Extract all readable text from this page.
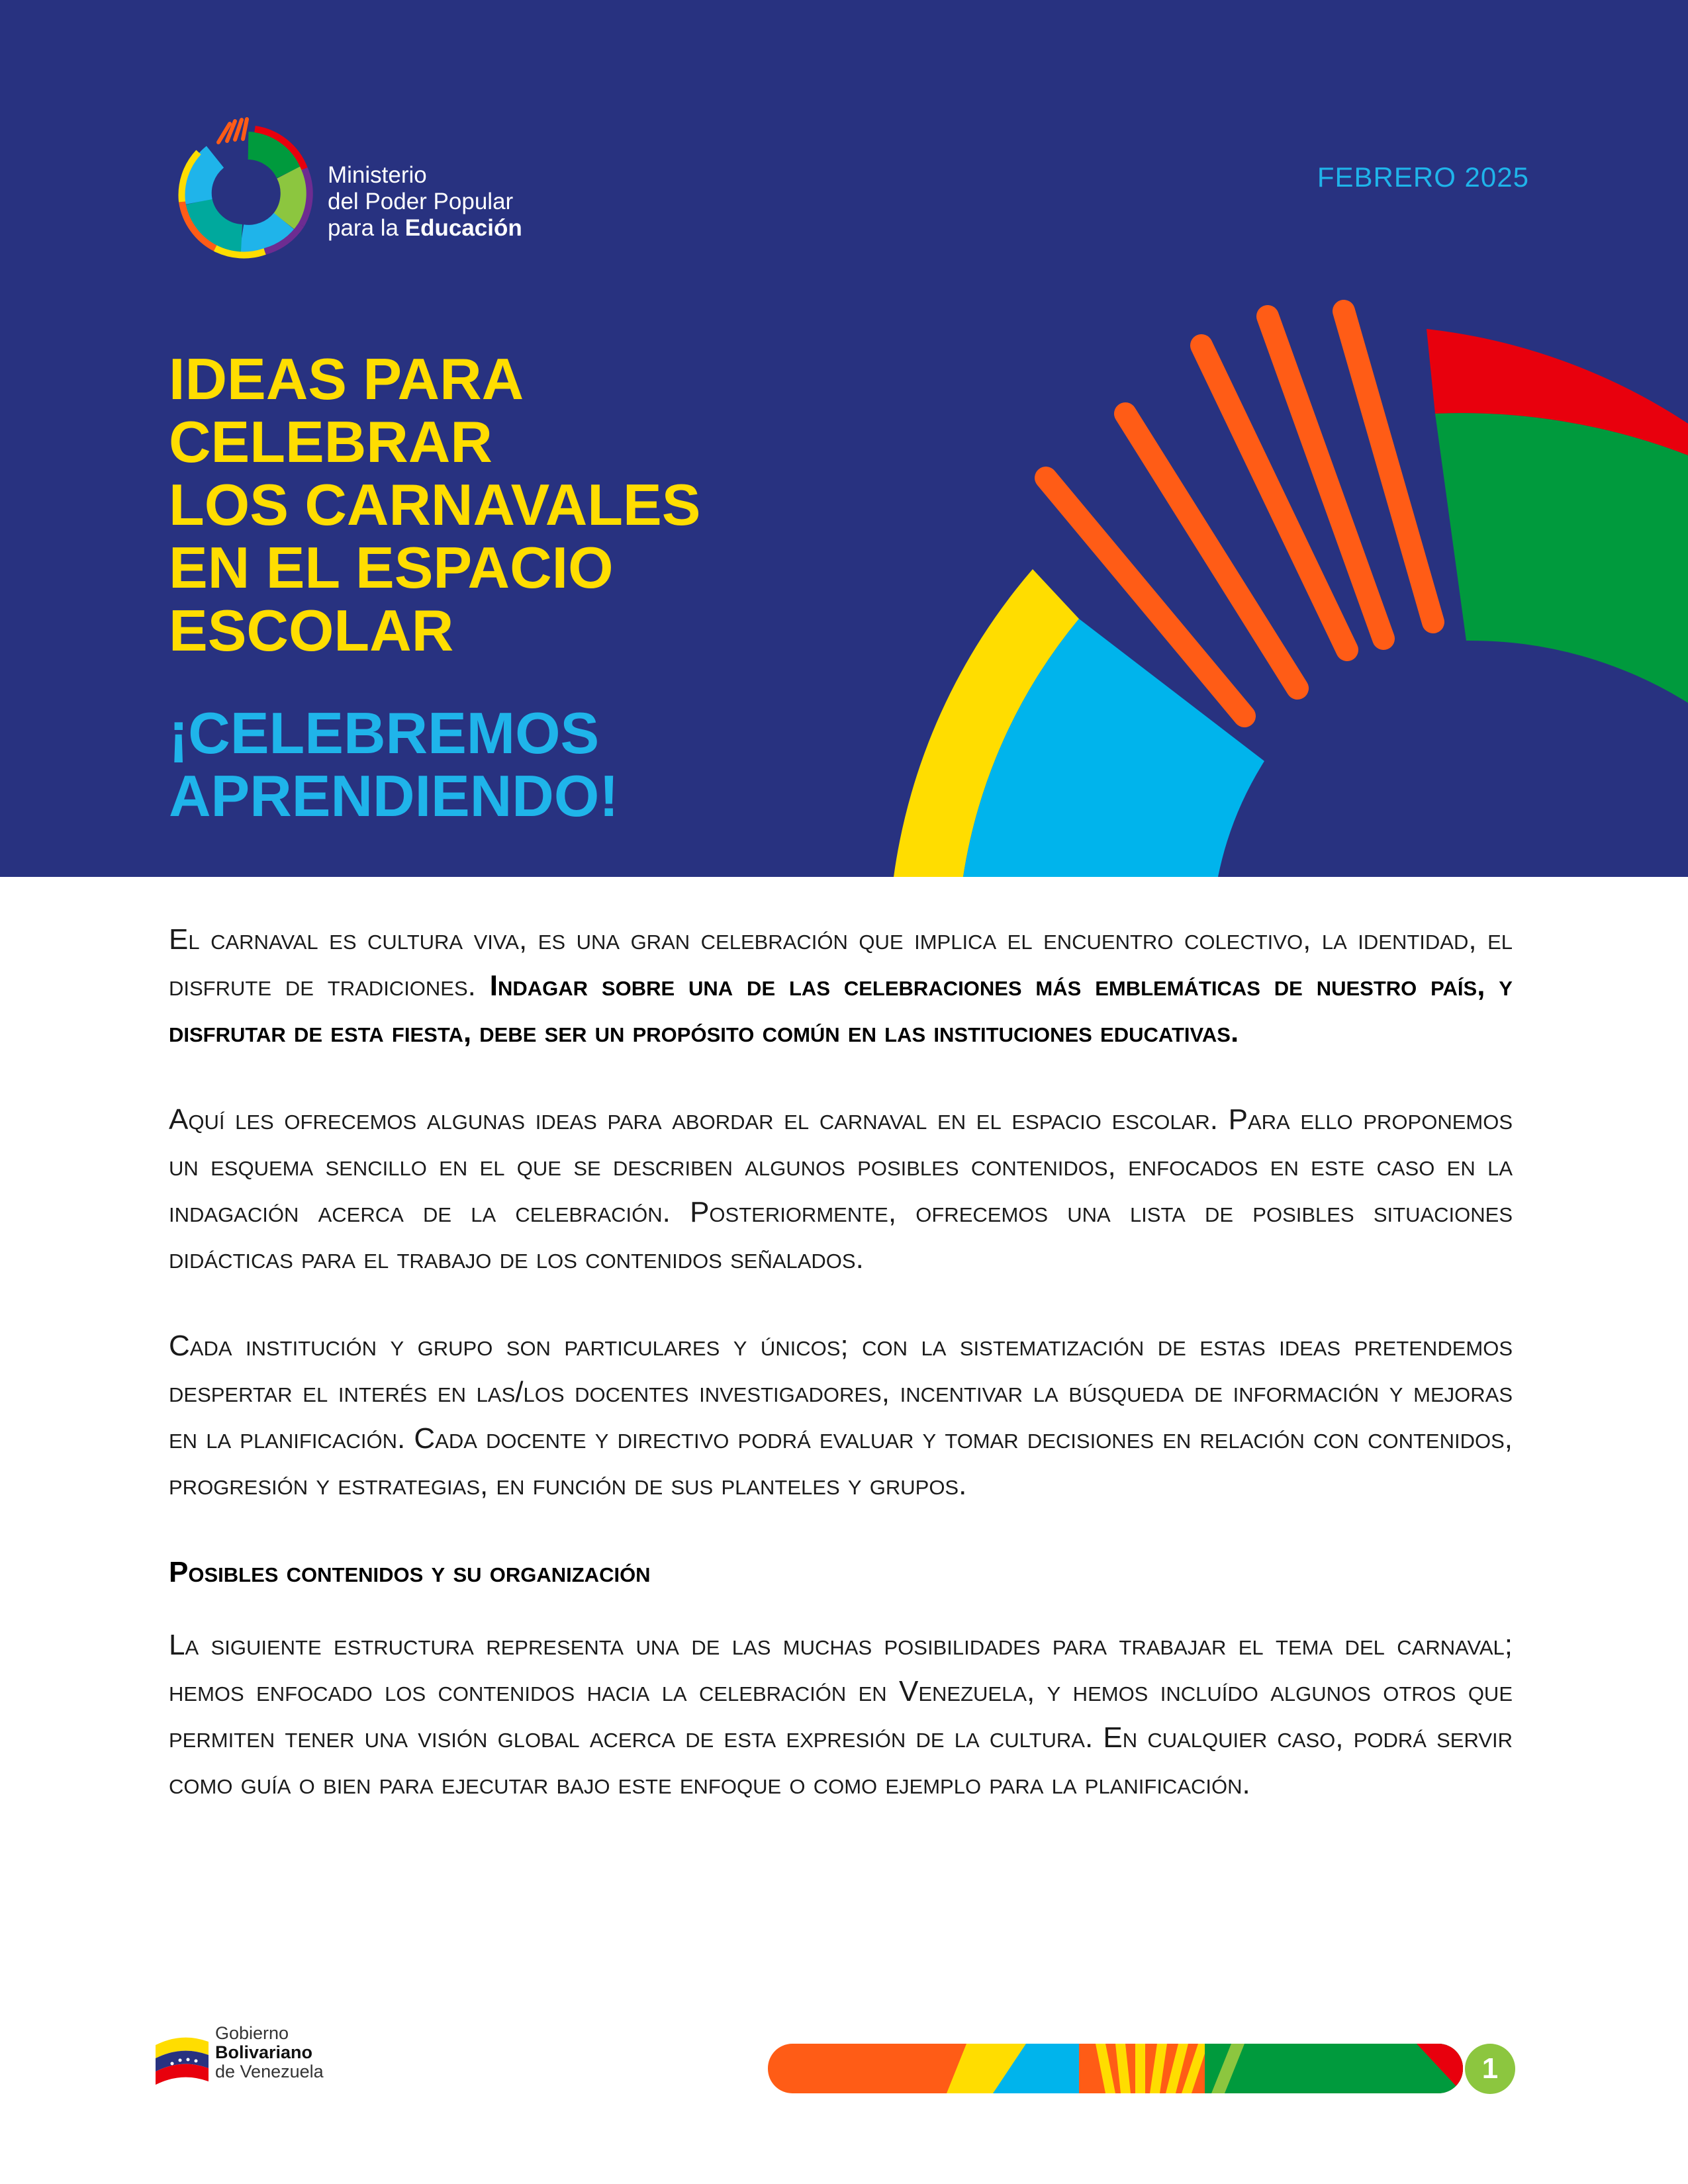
Ministerio
del Poder Popular
para la Educación
FEBRERO 2025
IDEAS PARA
CELEBRAR
LOS CARNAVALES
EN EL ESPACIO
ESCOLAR
¡CELEBREMOS
APRENDIENDO!

El carnaval es cultura viva, es una gran celebración que implica el encuentro colectivo, la identidad, el disfrute de tradiciones. Indagar sobre una de las celebraciones más emblemáticas de nuestro país, y disfrutar de esta fiesta, debe ser un propósito común en las instituciones educativas.

Aquí les ofrecemos algunas ideas para abordar el carnaval en el espacio escolar. Para ello proponemos un esquema sencillo en el que se describen algunos posibles contenidos, enfocados en este caso en la indagación acerca de la celebración. Posteriormente, ofrecemos una lista de posibles situaciones didácticas para el trabajo de los contenidos señalados.

Cada institución y grupo son particulares y únicos; con la sistematización de estas ideas pretendemos despertar el interés en las/los docentes investigadores, incentivar la búsqueda de información y mejoras en la planificación. Cada docente y directivo podrá evaluar y tomar decisiones en relación con contenidos, progresión y estrategias, en función de sus planteles y grupos.

Posibles contenidos y su organización

La siguiente estructura representa una de las muchas posibilidades para trabajar el tema del carnaval; hemos enfocado los contenidos hacia la celebración en Venezuela, y hemos incluído algunos otros que permiten tener una visión global acerca de esta expresión de la cultura. En cualquier caso, podrá servir como guía o bien para ejecutar bajo este enfoque o como ejemplo para la planificación.

Gobierno
Bolivariano
de Venezuela	1
